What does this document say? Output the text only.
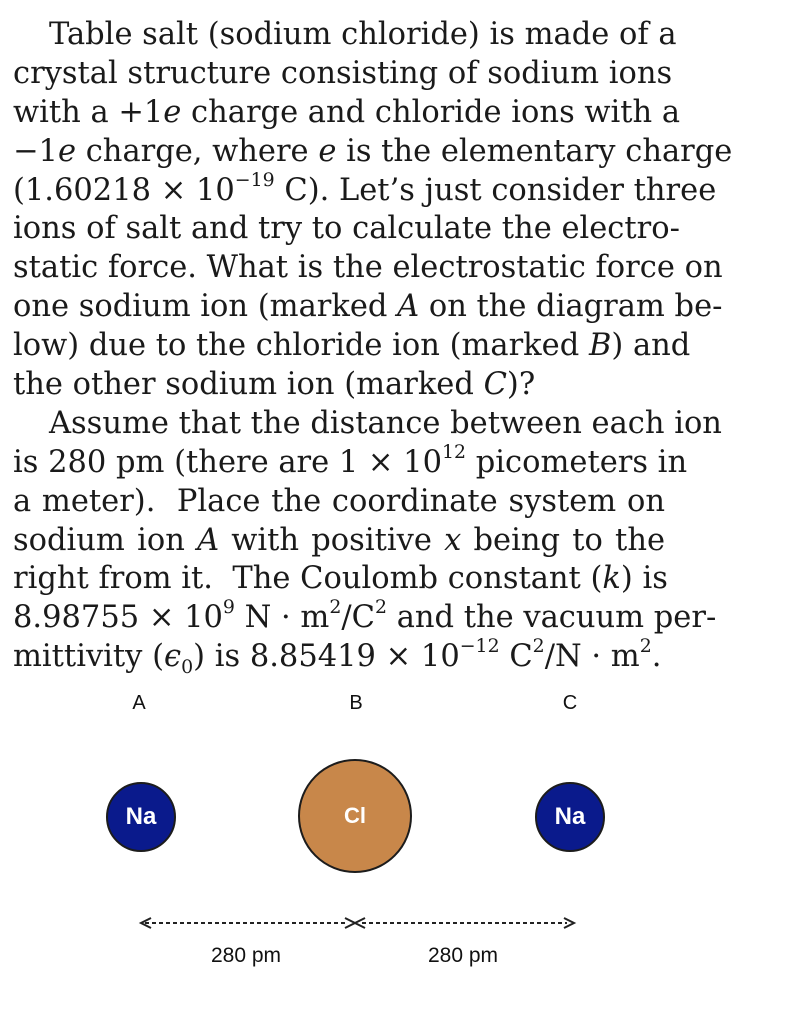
Table salt (sodium chloride) is made of a
crystal structure consisting of sodium ions
with a +1e charge and chloride ions with a
−1e charge, where e is the elementary charge
($1.60218 \times 10^{-19}$ C). Let’s just consider three
ions of salt and try to calculate the electro-
static force. What is the electrostatic force on
one sodium ion (marked A on the diagram be-
low) due to the chloride ion (marked B) and
the other sodium ion (marked C)?
Assume that the distance between each ion
is 280 pm (there are $1 \times 10^{12}$ picometers in
a meter).  Place the coordinate system on
sodium ion A with positive x being to the
right from it.  The Coulomb constant (k) is
$8.98755 \times 10^9$ $N \cdot m^2/C^2$ and the vacuum per-
mittivity $(\epsilon_0)$ is $8.85419 \times 10^{-12}$ $C^2/N \cdot m^2$.
A	B	C
Na	Cl	Na
280 pm	280 pm
